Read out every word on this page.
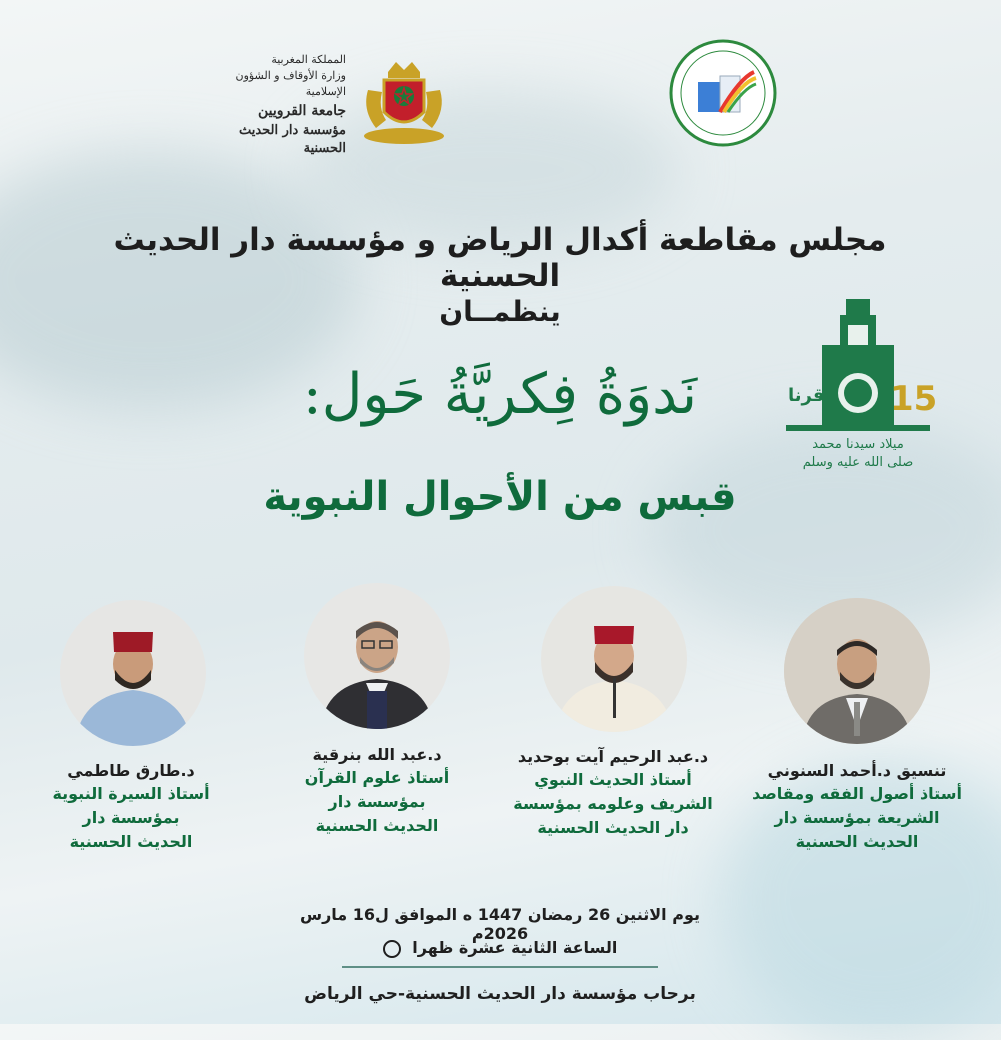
المملكة المغربية
وزارة الأوقاف و الشؤون الإسلامية
جامعة القرويين
مؤسسة دار الحديث الحسنية
مجلس مقاطعة أكدال الرياض و مؤسسة دار الحديث الحسنية
ينظمــان
نَدوَةُ فِكريَّةُ حَول:
قبس من الأحوال النبوية
15
قرنا
ميلاد سيدنا محمد
صلى الله عليه وسلم
تنسيق د.أحمد السنوني
أستاذ أصول الفقه ومقاصد
الشريعة بمؤسسة دار
الحديث الحسنية
د.عبد الرحيم آيت بوحديد
أستاذ الحديث النبوي
الشريف وعلومه بمؤسسة
دار الحديث الحسنية
د.عبد الله بنرقية
أستاذ علوم القرآن
بمؤسسة دار
الحديث الحسنية
د.طارق طاطمي
أستاذ السيرة النبوية
بمؤسسة دار
الحديث الحسنية
يوم الاثنين 26 رمضان 1447 ه الموافق ل16 مارس 2026م
الساعة الثانية عشرة ظهرا
برحاب مؤسسة دار الحديث الحسنية-حي الرياض
